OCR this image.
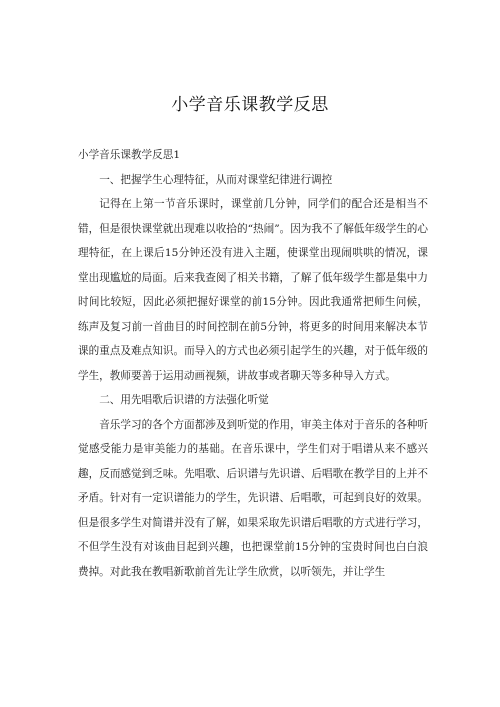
小学音乐课教学反思

小学音乐课教学反思1

一、把握学生心理特征，从而对课堂纪律进行调控

记得在上第一节音乐课时，课堂前几分钟，同学们的配合还是相当不错，但是很快课堂就出现难以收拾的“热闹”。因为我不了解低年级学生的心理特征，在上课后15分钟还没有进入主题，使课堂出现闹哄哄的情况，课堂出现尴尬的局面。后来我查阅了相关书籍，了解了低年级学生都是集中力时间比较短，因此必须把握好课堂的前15分钟。因此我通常把师生问候，练声及复习前一首曲目的时间控制在前5分钟，将更多的时间用来解决本节课的重点及难点知识。而导入的方式也必须引起学生的兴趣，对于低年级的学生，教师要善于运用动画视频，讲故事或者聊天等多种导入方式。

二、用先唱歌后识谱的方法强化听觉

音乐学习的各个方面都涉及到听觉的作用，审美主体对于音乐的各种听觉感受能力是审美能力的基础。在音乐课中，学生们对于唱谱从来不感兴趣，反而感觉到乏味。先唱歌、后识谱与先识谱、后唱歌在教学目的上并不矛盾。针对有一定识谱能力的学生，先识谱、后唱歌，可起到良好的效果。但是很多学生对简谱并没有了解，如果采取先识谱后唱歌的方式进行学习，不但学生没有对该曲目起到兴趣，也把课堂前15分钟的宝贵时间也白白浪费掉。对此我在教唱新歌前首先让学生欣赏，以听领先，并让学生
